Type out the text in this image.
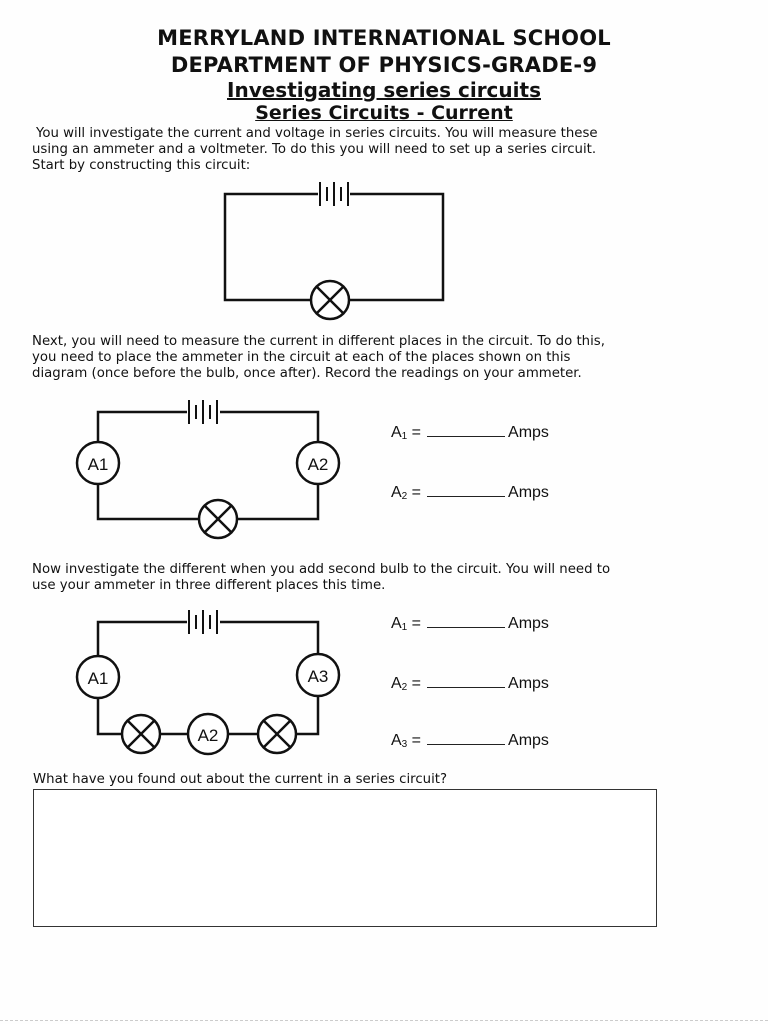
MERRYLAND INTERNATIONAL SCHOOL
DEPARTMENT OF PHYSICS-GRADE-9
Investigating series circuits
Series Circuits - Current
You will investigate the current and voltage in series circuits. You will measure these
using an ammeter and a voltmeter. To do this you will need to set up a series circuit.
Start by constructing this circuit:
Next, you will need to measure the current in different places in the circuit. To do this,
you need to place the ammeter in the circuit at each of the places shown on this
diagram (once before the bulb, once after). Record the readings on your ammeter.
A1	A2
$A_1$ =	Amps
$A_2$ =	Amps
Now investigate the different when you add second bulb to the circuit. You will need to
use your ammeter in three different places this time.
A1	A3
A2
$A_1$ =	Amps
$A_2$ =	Amps
$A_3$ =	Amps
What have you found out about the current in a series circuit?
